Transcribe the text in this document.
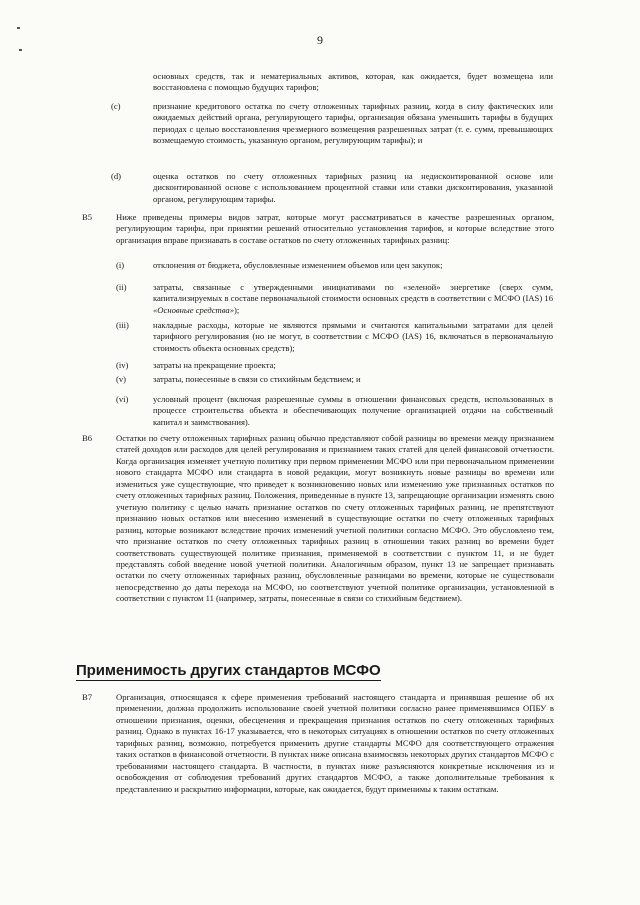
9

основных средств, так и нематериальных активов, которая, как ожидается, будет возмещена или восстановлена с помощью будущих тарифов;

(c)	признание кредитового остатка по счету отложенных тарифных разниц, когда в силу фактических или ожидаемых действий органа, регулирующего тарифы, организация обязана уменьшить тарифы в будущих периодах с целью восстановления чрезмерного возмещения разрешенных затрат (т. е. сумм, превышающих возмещаемую стоимость, указанную органом, регулирующим тарифы); и

(d)	оценка остатков по счету отложенных тарифных разниц на недисконтированной основе или дисконтированной основе с использованием процентной ставки или ставки дисконтирования, указанной органом, регулирующим тарифы.

B5	Ниже приведены примеры видов затрат, которые могут рассматриваться в качестве разрешенных органом, регулирующим тарифы, при принятии решений относительно установления тарифов, и которые вследствие этого организация вправе признавать в составе остатков по счету отложенных тарифных разниц:

(i)	отклонения от бюджета, обусловленные изменением объемов или цен закупок;

(ii)	затраты, связанные с утвержденными инициативами по «зеленой» энергетике (сверх сумм, капитализируемых в составе первоначальной стоимости основных средств в соответствии с МСФО (IAS) 16 «Основные средства»);

(iii)	накладные расходы, которые не являются прямыми и считаются капитальными затратами для целей тарифного регулирования (но не могут, в соответствии с МСФО (IAS) 16, включаться в первоначальную стоимость объекта основных средств);

(iv)	затраты на прекращение проекта;

(v)	затраты, понесенные в связи со стихийным бедствием; и

(vi)	условный процент (включая разрешенные суммы в отношении финансовых средств, использованных в процессе строительства объекта и обеспечивающих получение организацией отдачи на собственный капитал и заимствования).

B6	Остатки по счету отложенных тарифных разниц обычно представляют собой разницы во времени между признанием статей доходов или расходов для целей регулирования и признанием таких статей для целей финансовой отчетности. Когда организация изменяет учетную политику при первом применении МСФО или при первоначальном применении нового стандарта МСФО или стандарта в новой редакции, могут возникнуть новые разницы во времени или измениться уже существующие, что приведет к возникновению новых или изменению уже признанных остатков по счету отложенных тарифных разниц. Положения, приведенные в пункте 13, запрещающие организации изменять свою учетную политику с целью начать признание остатков по счету отложенных тарифных разниц, не препятствуют признанию новых остатков или внесению изменений в существующие остатки по счету отложенных тарифных разниц, которые возникают вследствие прочих изменений учетной политики согласно МСФО. Это обусловлено тем, что признание остатков по счету отложенных тарифных разниц в отношении таких разниц во времени будет соответствовать существующей политике признания, применяемой в соответствии с пунктом 11, и не будет представлять собой введение новой учетной политики. Аналогичным образом, пункт 13 не запрещает признавать остатки по счету отложенных тарифных разниц, обусловленные разницами во времени, которые не существовали непосредственно до даты перехода на МСФО, но соответствуют учетной политике организации, установленной в соответствии с пунктом 11 (например, затраты, понесенные в связи со стихийным бедствием).

Применимость других стандартов МСФО
B7	Организация, относящаяся к сфере применения требований настоящего стандарта и принявшая решение об их применении, должна продолжить использование своей учетной политики согласно ранее применявшимся ОПБУ в отношении признания, оценки, обесценения и прекращения признания остатков по счету отложенных тарифных разниц. Однако в пунктах 16-17 указывается, что в некоторых ситуациях в отношении остатков по счету отложенных тарифных разниц, возможно, потребуется применить другие стандарты МСФО для соответствующего отражения таких остатков в финансовой отчетности. В пунктах ниже описана взаимосвязь некоторых других стандартов МСФО с требованиями настоящего стандарта. В частности, в пунктах ниже разъясняются конкретные исключения из и освобождения от соблюдения требований других стандартов МСФО, а также дополнительные требования к представлению и раскрытию информации, которые, как ожидается, будут применимы к таким остаткам.
